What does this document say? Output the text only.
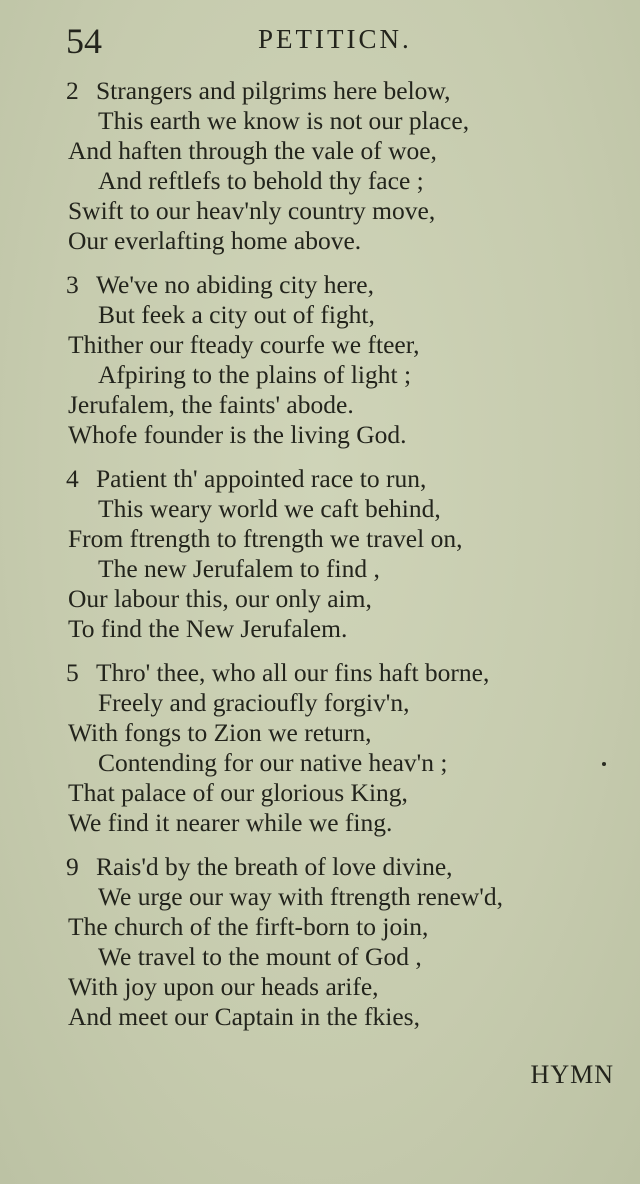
54	PETITICN.
2 Strangers and pilgrims here below,
This earth we know is not our place,
And haften through the vale of woe,
And reftlefs to behold thy face ;
Swift to our heav'nly country move,
Our everlafting home above.
3 We've no abiding city here,
But feek a city out of fight,
Thither our fteady courfe we fteer,
Afpiring to the plains of light ;
Jerufalem, the faints' abode.
Whofe founder is the living God.
4 Patient th' appointed race to run,
This weary world we caft behind,
From ftrength to ftrength we travel on,
The new Jerufalem to find ,
Our labour this, our only aim,
To find the New Jerufalem.
5 Thro' thee, who all our fins haft borne,
Freely and gracioufly forgiv'n,
With fongs to Zion we return,
Contending for our native heav'n ;
That palace of our glorious King,
We find it nearer while we fing.
9 Rais'd by the breath of love divine,
We urge our way with ftrength renew'd,
The church of the firft-born to join,
We travel to the mount of God ,
With joy upon our heads arife,
And meet our Captain in the fkies,
HYMN
